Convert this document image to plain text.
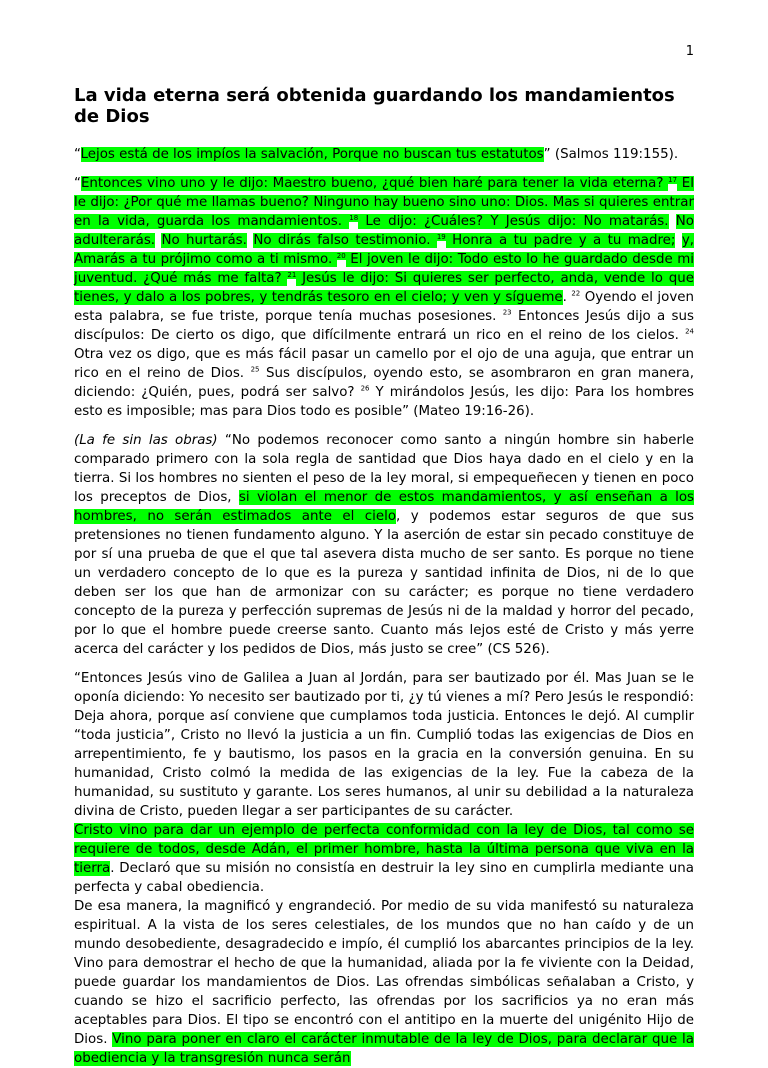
1
La vida eterna será obtenida guardando los mandamientos de Dios

“Lejos está de los impíos la salvación, Porque no buscan tus estatutos” (Salmos 119:155).

“Entonces vino uno y le dijo: Maestro bueno, ¿qué bien haré para tener la vida eterna? $^{17}$ El le dijo: ¿Por qué me llamas bueno? Ninguno hay bueno sino uno: Dios. Mas si quieres entrar en la vida, guarda los mandamientos. $^{18}$ Le dijo: ¿Cuáles? Y Jesús dijo: No matarás. No adulterarás. No hurtarás. No dirás falso testimonio. $^{19}$ Honra a tu padre y a tu madre; y, Amarás a tu prójimo como a ti mismo. $^{20}$ El joven le dijo: Todo esto lo he guardado desde mi juventud. ¿Qué más me falta? $^{21}$ Jesús le dijo: Si quieres ser perfecto, anda, vende lo que tienes, y dalo a los pobres, y tendrás tesoro en el cielo; y ven y sígueme. $^{22}$ Oyendo el joven esta palabra, se fue triste, porque tenía muchas posesiones. $^{23}$ Entonces Jesús dijo a sus discípulos: De cierto os digo, que difícilmente entrará un rico en el reino de los cielos. $^{24}$ Otra vez os digo, que es más fácil pasar un camello por el ojo de una aguja, que entrar un rico en el reino de Dios. $^{25}$ Sus discípulos, oyendo esto, se asombraron en gran manera, diciendo: ¿Quién, pues, podrá ser salvo? $^{26}$ Y mirándolos Jesús, les dijo: Para los hombres esto es imposible; mas para Dios todo es posible” (Mateo 19:16-26).

(La fe sin las obras) “No podemos reconocer como santo a ningún hombre sin haberle comparado primero con la sola regla de santidad que Dios haya dado en el cielo y en la tierra. Si los hombres no sienten el peso de la ley moral, si empequeñecen y tienen en poco los preceptos de Dios, si violan el menor de estos mandamientos, y así enseñan a los hombres, no serán estimados ante el cielo, y podemos estar seguros de que sus pretensiones no tienen fundamento alguno. Y la aserción de estar sin pecado constituye de por sí una prueba de que el que tal asevera dista mucho de ser santo. Es porque no tiene un verdadero concepto de lo que es la pureza y santidad infinita de Dios, ni de lo que deben ser los que han de armonizar con su carácter; es porque no tiene verdadero concepto de la pureza y perfección supremas de Jesús ni de la maldad y horror del pecado, por lo que el hombre puede creerse santo. Cuanto más lejos esté de Cristo y más yerre acerca del carácter y los pedidos de Dios, más justo se cree” (CS 526).

“Entonces Jesús vino de Galilea a Juan al Jordán, para ser bautizado por él. Mas Juan se le oponía diciendo: Yo necesito ser bautizado por ti, ¿y tú vienes a mí? Pero Jesús le respondió: Deja ahora, porque así conviene que cumplamos toda justicia. Entonces le dejó. Al cumplir “toda justicia”, Cristo no llevó la justicia a un fin. Cumplió todas las exigencias de Dios en arrepentimiento, fe y bautismo, los pasos en la gracia en la conversión genuina. En su humanidad, Cristo colmó la medida de las exigencias de la ley. Fue la cabeza de la humanidad, su sustituto y garante. Los seres humanos, al unir su debilidad a la naturaleza divina de Cristo, pueden llegar a ser participantes de su carácter.

Cristo vino para dar un ejemplo de perfecta conformidad con la ley de Dios, tal como se requiere de todos, desde Adán, el primer hombre, hasta la última persona que viva en la tierra. Declaró que su misión no consistía en destruir la ley sino en cumplirla mediante una perfecta y cabal obediencia.

De esa manera, la magnificó y engrandeció. Por medio de su vida manifestó su naturaleza espiritual. A la vista de los seres celestiales, de los mundos que no han caído y de un mundo desobediente, desagradecido e impío, él cumplió los abarcantes principios de la ley. Vino para demostrar el hecho de que la humanidad, aliada por la fe viviente con la Deidad, puede guardar los mandamientos de Dios. Las ofrendas simbólicas señalaban a Cristo, y cuando se hizo el sacrificio perfecto, las ofrendas por los sacrificios ya no eran más aceptables para Dios. El tipo se encontró con el antitipo en la muerte del unigénito Hijo de Dios. Vino para poner en claro el carácter inmutable de la ley de Dios, para declarar que la obediencia y la transgresión nunca serán
